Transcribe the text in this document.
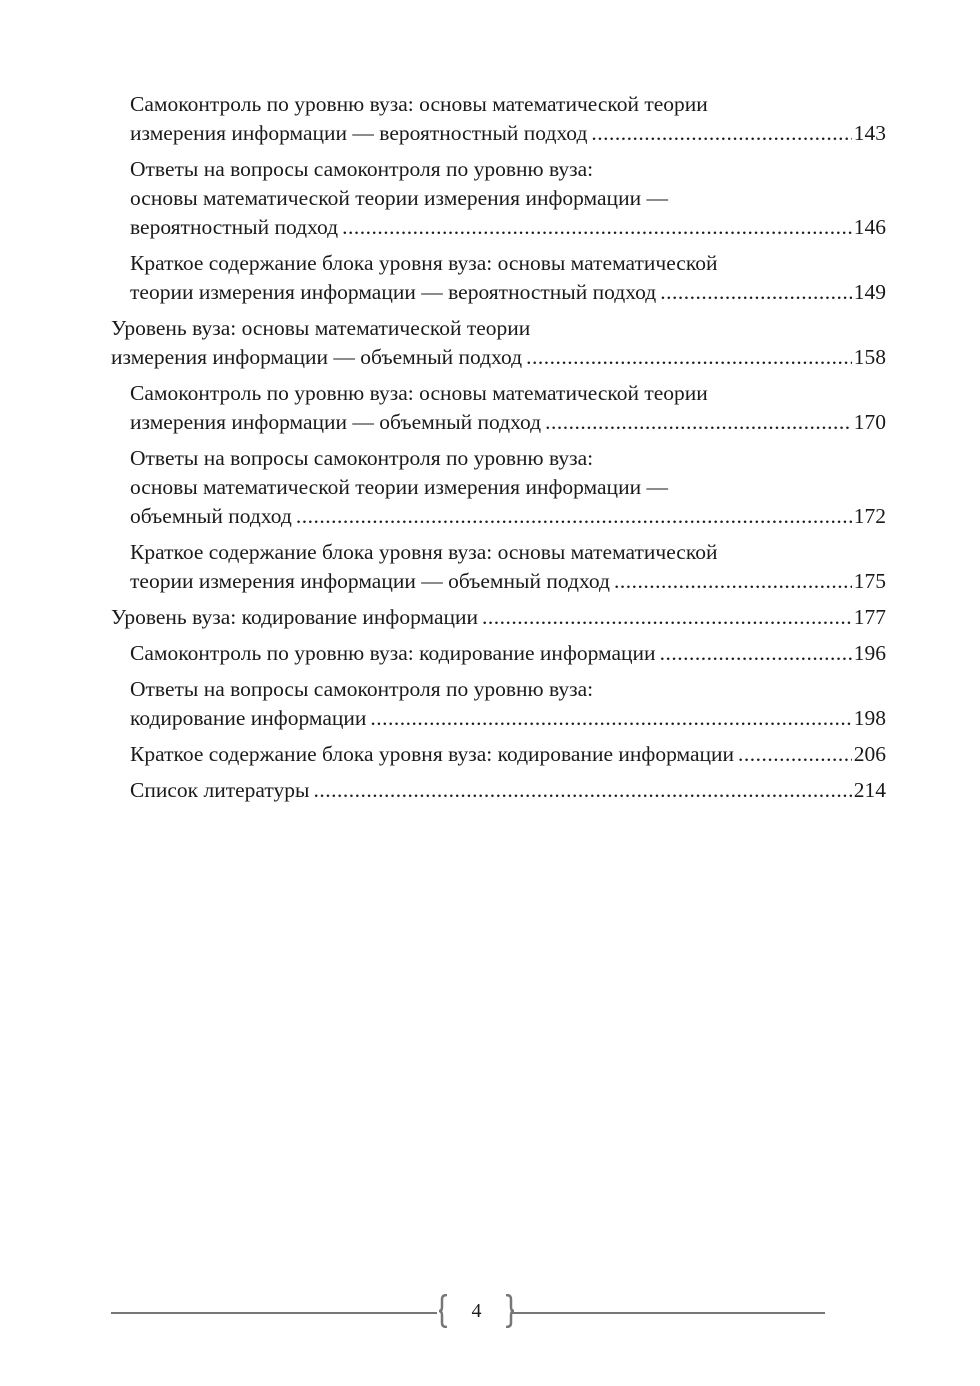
Самоконтроль по уровню вуза: основы математической теории
измерения информации — вероятностный подход .....	143
Ответы на вопросы самоконтроля по уровню вуза:
основы математической теории измерения информации —
вероятностный подход .....	146
Краткое содержание блока уровня вуза: основы математической
теории измерения информации — вероятностный подход .....	149
Уровень вуза: основы математической теории
измерения информации — объемный подход .....	158
Самоконтроль по уровню вуза: основы математической теории
измерения информации — объемный подход .....	170
Ответы на вопросы самоконтроля по уровню вуза:
основы математической теории измерения информации —
объемный подход .....	172
Краткое содержание блока уровня вуза: основы математической
теории измерения информации — объемный подход .....	175
Уровень вуза: кодирование информации .....	177
Самоконтроль по уровню вуза: кодирование информации .....	196
Ответы на вопросы самоконтроля по уровню вуза:
кодирование информации .....	198
Краткое содержание блока уровня вуза: кодирование информации .....	206
Список литературы .....	214
4
